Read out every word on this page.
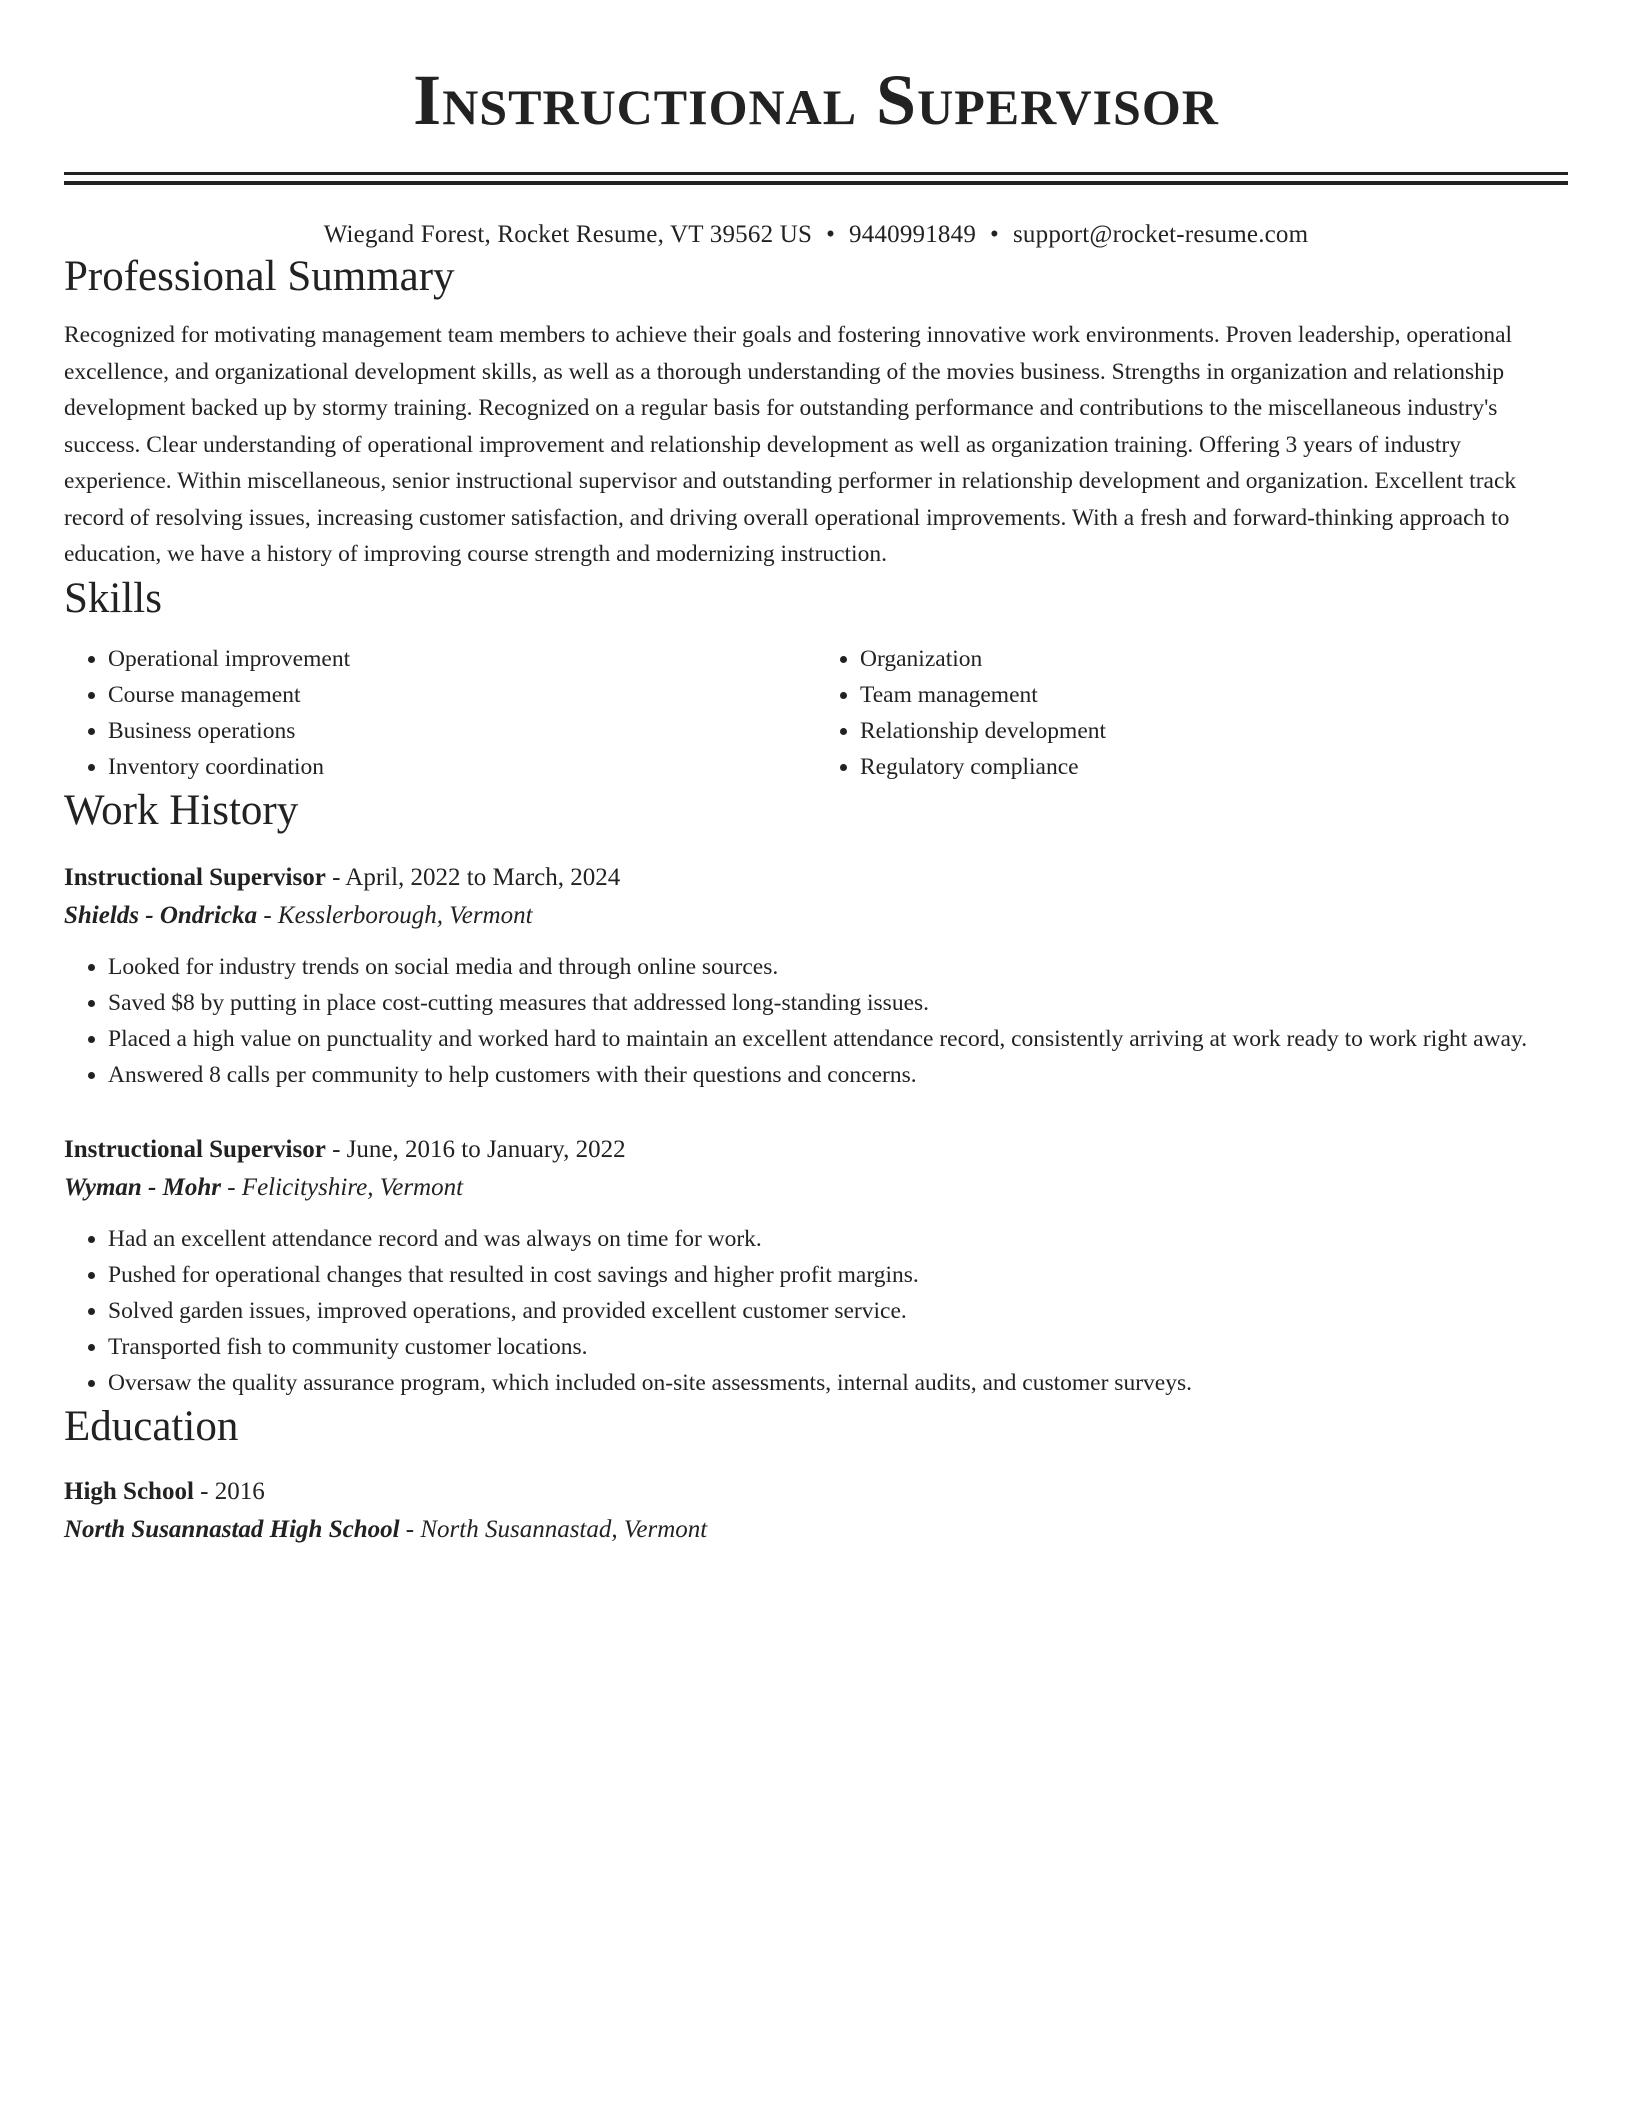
Instructional Supervisor
Wiegand Forest, Rocket Resume, VT 39562 US • 9440991849 • support@rocket-resume.com
Professional Summary

Recognized for motivating management team members to achieve their goals and fostering innovative work environments. Proven leadership, operational excellence, and organizational development skills, as well as a thorough understanding of the movies business. Strengths in organization and relationship development backed up by stormy training. Recognized on a regular basis for outstanding performance and contributions to the miscellaneous industry's success. Clear understanding of operational improvement and relationship development as well as organization training. Offering 3 years of industry experience. Within miscellaneous, senior instructional supervisor and outstanding performer in relationship development and organization. Excellent track record of resolving issues, increasing customer satisfaction, and driving overall operational improvements. With a fresh and forward-thinking approach to education, we have a history of improving course strength and modernizing instruction.

Skills
• Operational improvement
• Course management
• Business operations
• Inventory coordination
• Organization
• Team management
• Relationship development
• Regulatory compliance
Work History
Instructional Supervisor - April, 2022 to March, 2024
Shields - Ondricka - Kesslerborough, Vermont
• Looked for industry trends on social media and through online sources.
• Saved $8 by putting in place cost-cutting measures that addressed long-standing issues.
• Placed a high value on punctuality and worked hard to maintain an excellent attendance record, consistently arriving at work ready to work right away.
• Answered 8 calls per community to help customers with their questions and concerns.
Instructional Supervisor - June, 2016 to January, 2022
Wyman - Mohr - Felicityshire, Vermont
• Had an excellent attendance record and was always on time for work.
• Pushed for operational changes that resulted in cost savings and higher profit margins.
• Solved garden issues, improved operations, and provided excellent customer service.
• Transported fish to community customer locations.
• Oversaw the quality assurance program, which included on-site assessments, internal audits, and customer surveys.
Education
High School - 2016
North Susannastad High School - North Susannastad, Vermont
